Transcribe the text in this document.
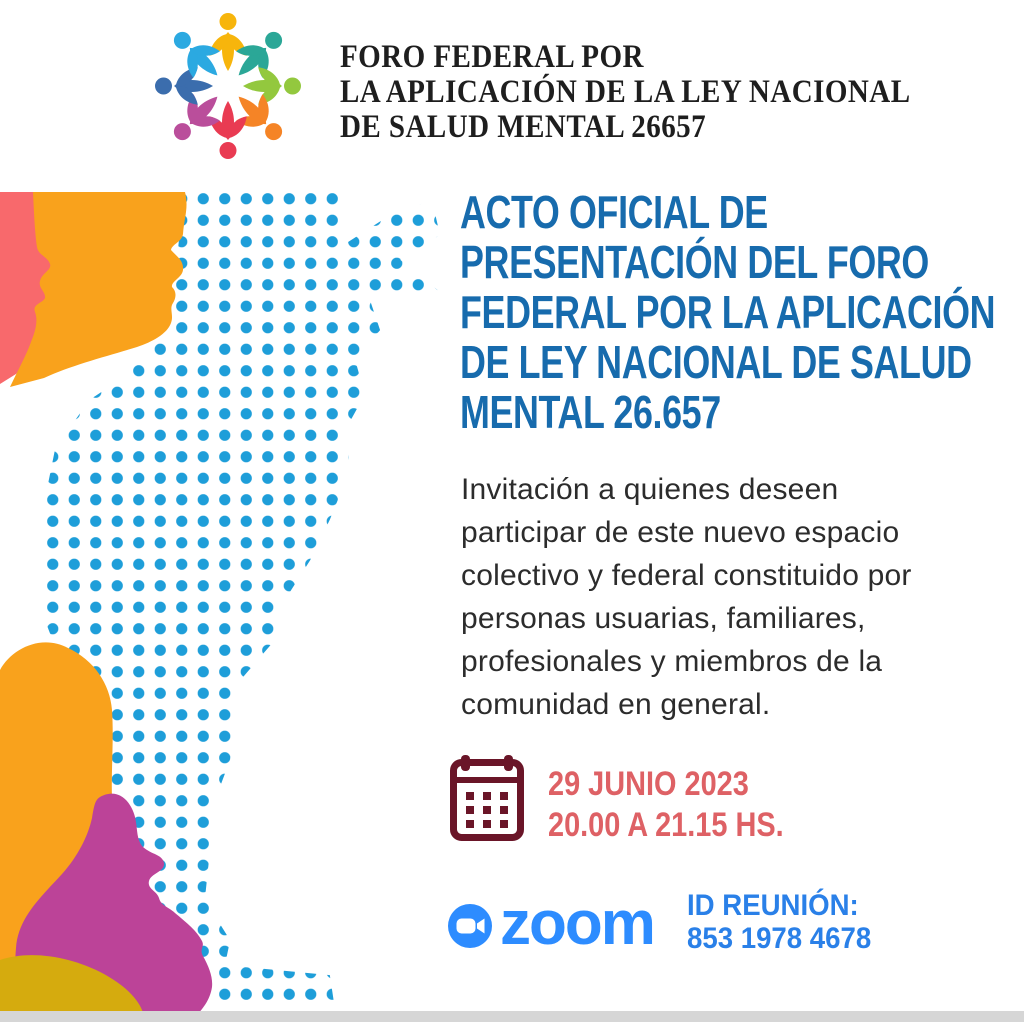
FORO FEDERAL POR
LA APLICACIÓN DE LA LEY NACIONAL
DE SALUD MENTAL 26657
ACTO OFICIAL DE
PRESENTACIÓN DEL FORO
FEDERAL POR LA APLICACIÓN
DE LEY NACIONAL DE SALUD
MENTAL 26.657
Invitación a quienes deseen
participar de este nuevo espacio
colectivo y federal constituido por
personas usuarias, familiares,
profesionales y miembros de la
comunidad en general.
29 JUNIO 2023
20.00 A 21.15 HS.
zoom ID REUNIÓN:
853 1978 4678
